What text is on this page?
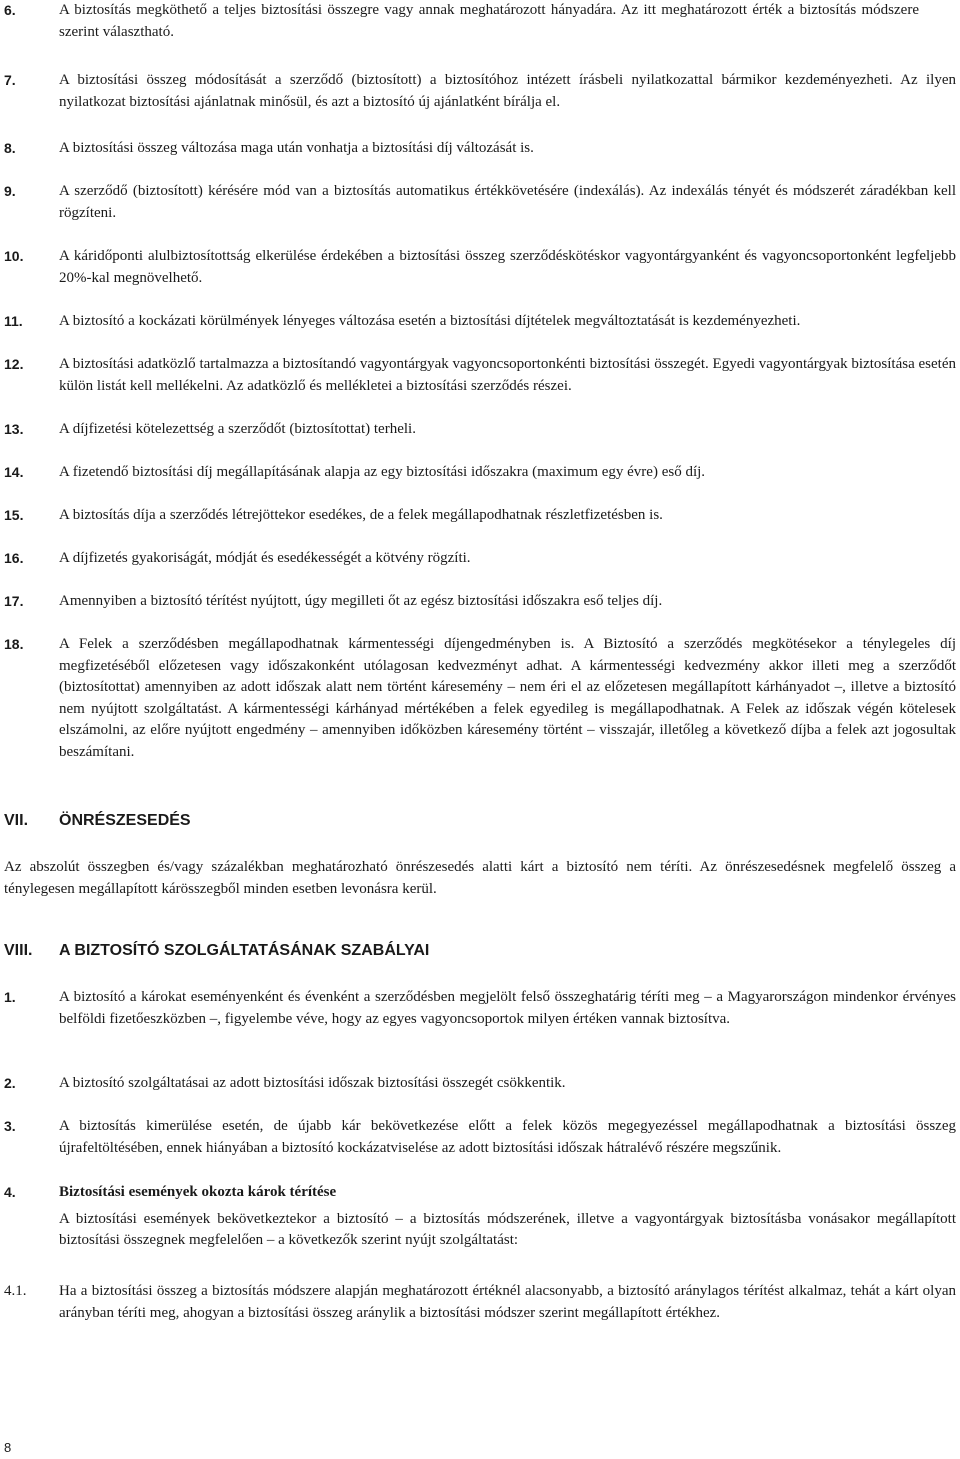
6.	A biztosítás megköthető a teljes biztosítási összegre vagy annak meghatározott hányadára. Az itt meghatározott érték a biztosítás módszere szerint választható.
7.	A biztosítási összeg módosítását a szerződő (biztosított) a biztosítóhoz intézett írásbeli nyilatkozattal bármikor kezdeményezheti. Az ilyen nyilatkozat biztosítási ajánlatnak minősül, és azt a biztosító új ajánlatként bírálja el.
8.	A biztosítási összeg változása maga után vonhatja a biztosítási díj változását is.
9.	A szerződő (biztosított) kérésére mód van a biztosítás automatikus értékkövetésére (indexálás). Az indexálás tényét és módszerét záradékban kell rögzíteni.
10. A káridőponti alulbiztosítottság elkerülése érdekében a biztosítási összeg szerződéskötéskor vagyontárgyanként és vagyoncsoportonként legfeljebb 20%-kal megnövelhető.
11. A biztosító a kockázati körülmények lényeges változása esetén a biztosítási díjtételek megváltoztatását is kezdeményezheti.
12. A biztosítási adatközlő tartalmazza a biztosítandó vagyontárgyak vagyoncsoportonkénti biztosítási összegét. Egyedi vagyontárgyak biztosítása esetén külön listát kell mellékelni. Az adatközlő és mellékletei a biztosítási szerződés részei.
13. A díjfizetési kötelezettség a szerződőt (biztosítottat) terheli.
14. A fizetendő biztosítási díj megállapításának alapja az egy biztosítási időszakra (maximum egy évre) eső díj.
15. A biztosítás díja a szerződés létrejöttekor esedékes, de a felek megállapodhatnak részletfizetésben is.
16. A díjfizetés gyakoriságát, módját és esedékességét a kötvény rögzíti.
17. Amennyiben a biztosító térítést nyújtott, úgy megilleti őt az egész biztosítási időszakra eső teljes díj.
18. A Felek a szerződésben megállapodhatnak kármentességi díjengedményben is. A Biztosító a szerződés megkötésekor a ténylegeles díj megfizetéséből előzetesen vagy időszakonként utólagosan kedvezményt adhat. A kármentességi kedvezmény akkor illeti meg a szerződőt (biztosítottat) amennyiben az adott időszak alatt nem történt káresemény – nem éri el az előzetesen megállapított kárhányadot –, illetve a biztosító nem nyújtott szolgáltatást. A kármentességi kárhányad mértékében a felek egyedileg is megállapodhatnak. A Felek az időszak végén kötelesek elszámolni, az előre nyújtott engedmény – amennyiben időközben káresemény történt – visszajár, illetőleg a következő díjba a felek azt jogosultak beszámítani.
VII. ÖNRÉSZESEDÉS
Az abszolút összegben és/vagy százalékban meghatározható önrészesedés alatti kárt a biztosító nem téríti. Az önrészesedésnek megfelelő összeg a ténylegesen megállapított kárösszegből minden esetben levonásra kerül.
VIII. A BIZTOSÍTÓ SZOLGÁLTATÁSÁNAK SZABÁLYAI
1.	A biztosító a károkat eseményenként és évenként a szerződésben megjelölt felső összeghatárig téríti meg – a Magyarországon mindenkor érvényes belföldi fizetőeszközben –, figyelembe véve, hogy az egyes vagyoncsoportok milyen értéken vannak biztosítva.
2.	A biztosító szolgáltatásai az adott biztosítási időszak biztosítási összegét csökkentik.
3.	A biztosítás kimerülése esetén, de újabb kár bekövetkezése előtt a felek közös megegyezéssel megállapodhatnak a biztosítási összeg újrafeltöltésében, ennek hiányában a biztosító kockázatviselése az adott biztosítási időszak hátralévő részére megszűnik.
4.	Biztosítási események okozta károk térítése
A biztosítási események bekövetkeztekor a biztosító – a biztosítás módszerének, illetve a vagyontárgyak biztosításba vonásakor megállapított biztosítási összegnek megfelelően – a következők szerint nyújt szolgáltatást:
4.1. Ha a biztosítási összeg a biztosítás módszere alapján meghatározott értéknél alacsonyabb, a biztosító aránylagos térítést alkalmaz, tehát a kárt olyan arányban téríti meg, ahogyan a biztosítási összeg aránylik a biztosítási módszer szerint megállapított értékhez.
8
